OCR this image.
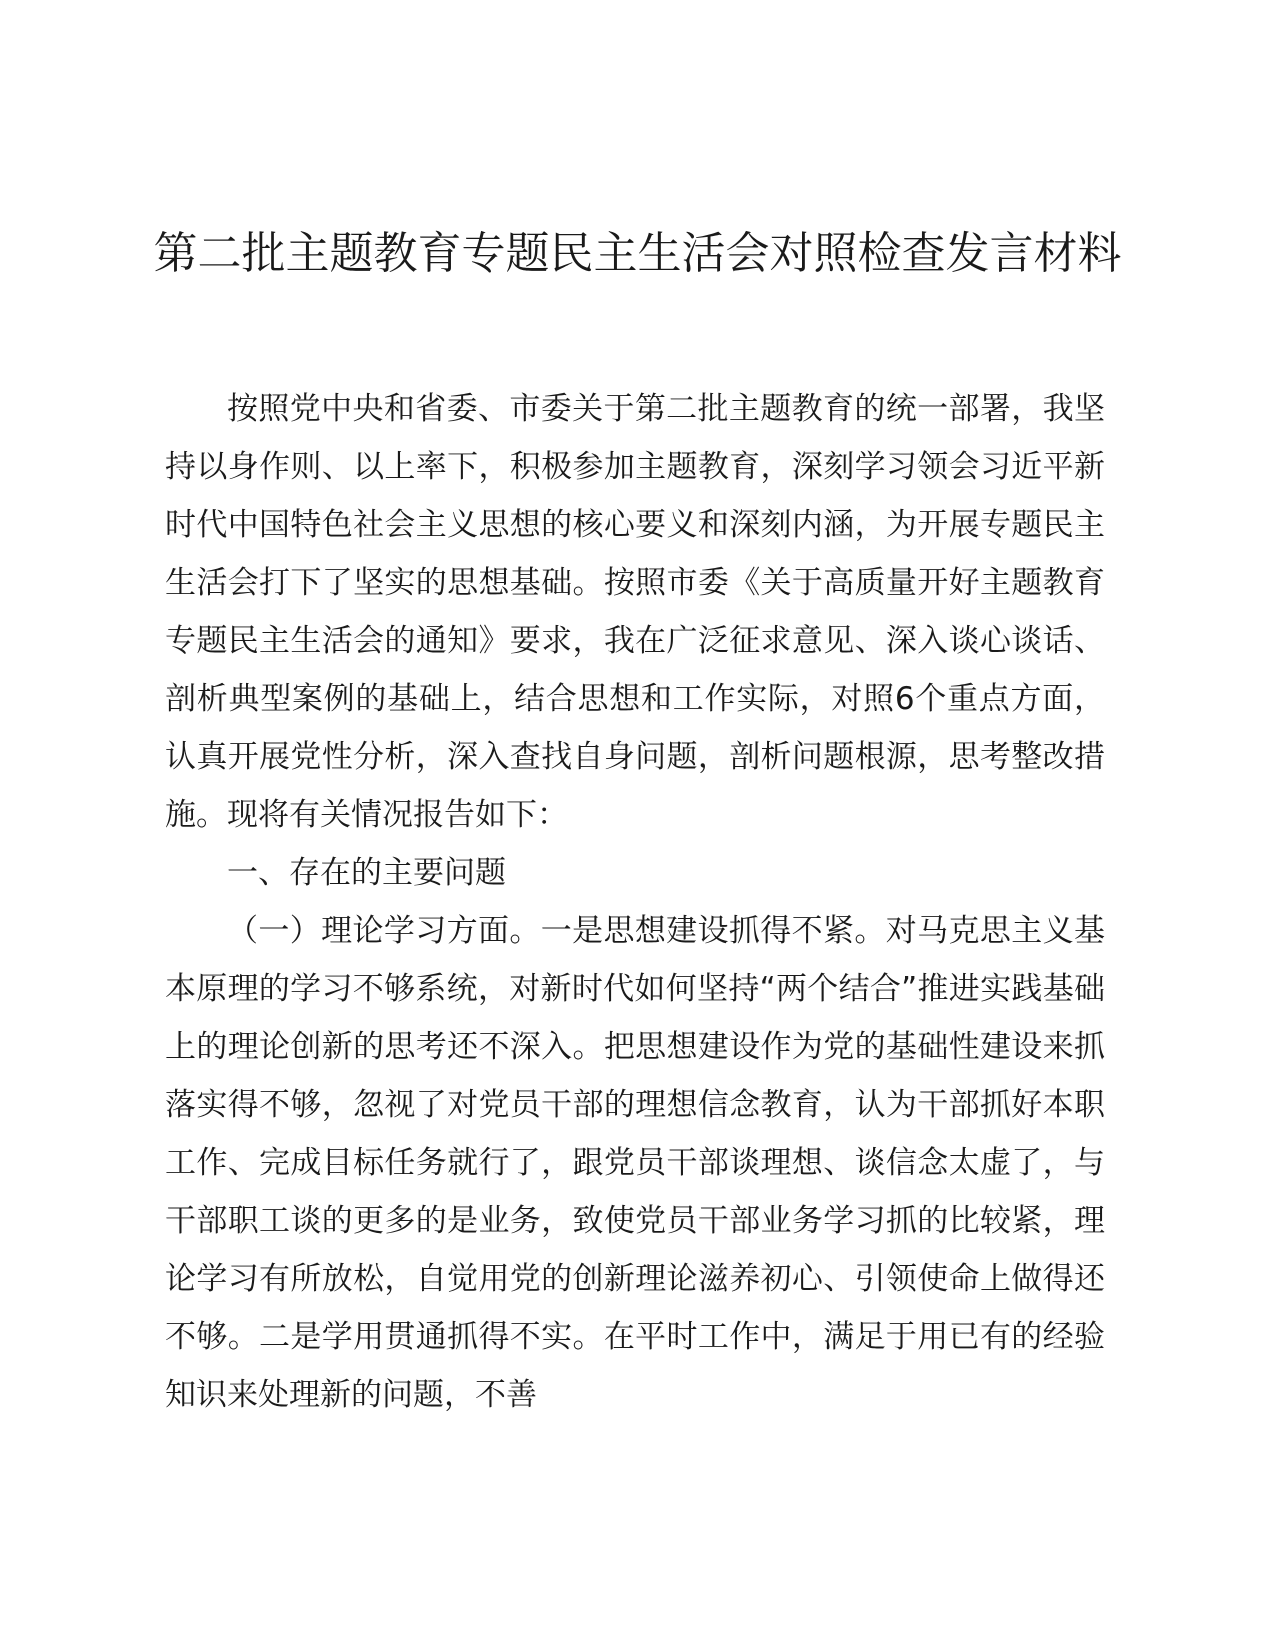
第二批主题教育专题民主生活会对照检查发言材料

按照党中央和省委、市委关于第二批主题教育的统一部署，我坚持以身作则、以上率下，积极参加主题教育，深刻学习领会习近平新时代中国特色社会主义思想的核心要义和深刻内涵，为开展专题民主生活会打下了坚实的思想基础。按照市委《关于高质量开好主题教育专题民主生活会的通知》要求，我在广泛征求意见、深入谈心谈话、剖析典型案例的基础上，结合思想和工作实际，对照6个重点方面，认真开展党性分析，深入查找自身问题，剖析问题根源，思考整改措施。现将有关情况报告如下：

一、存在的主要问题

（一）理论学习方面。一是思想建设抓得不紧。对马克思主义基本原理的学习不够系统，对新时代如何坚持“两个结合”推进实践基础上的理论创新的思考还不深入。把思想建设作为党的基础性建设来抓落实得不够，忽视了对党员干部的理想信念教育，认为干部抓好本职工作、完成目标任务就行了，跟党员干部谈理想、谈信念太虚了，与干部职工谈的更多的是业务，致使党员干部业务学习抓的比较紧，理论学习有所放松，自觉用党的创新理论滋养初心、引领使命上做得还不够。二是学用贯通抓得不实。在平时工作中，满足于用已有的经验知识来处理新的问题，不善
